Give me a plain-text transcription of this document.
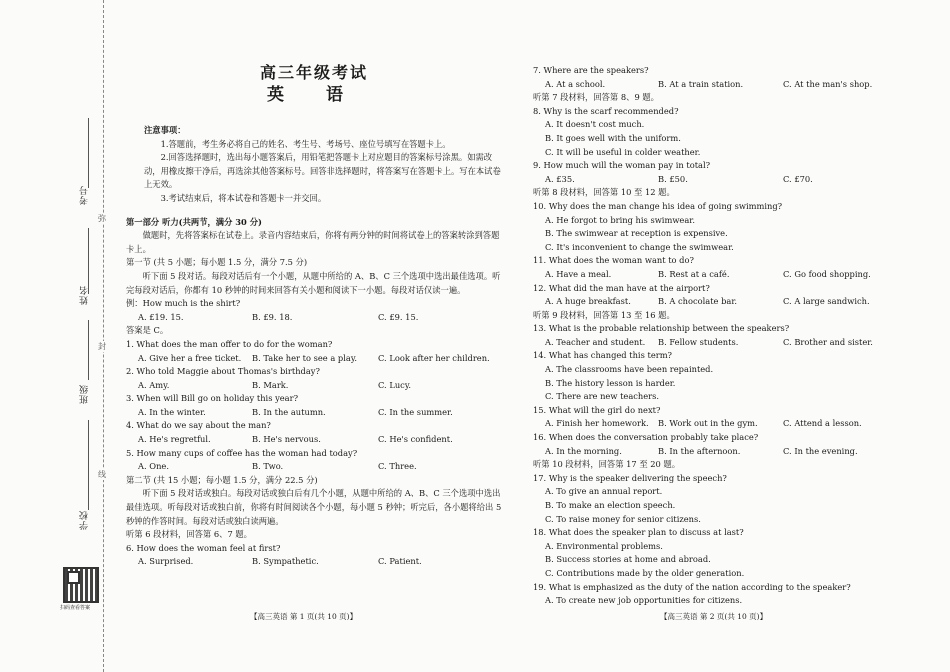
考号
姓名
班级
学校
弥
封
线
扫码查看答案
高三年级考试
英 语
注意事项：
1.答题前，考生务必将自己的姓名、考生号、考场号、座位号填写在答题卡上。
2.回答选择题时，选出每小题答案后，用铅笔把答题卡上对应题目的答案标号涂黑。如需改动，用橡皮擦干净后，再选涂其他答案标号。回答非选择题时，将答案写在答题卡上。写在本试卷上无效。
3.考试结束后，将本试卷和答题卡一并交回。
第一部分 听力(共两节，满分 30 分)
做题时，先将答案标在试卷上。录音内容结束后，你将有两分钟的时间将试卷上的答案转涂到答题卡上。
第一节 (共 5 小题；每小题 1.5 分，满分 7.5 分)
听下面 5 段对话。每段对话后有一个小题，从题中所给的 A、B、C 三个选项中选出最佳选项。听完每段对话后，你都有 10 秒钟的时间来回答有关小题和阅读下一小题。每段对话仅读一遍。
例：How much is the shirt?
A. £19. 15.	B. £9. 18.	C. £9. 15.
答案是 C。
1. What does the man offer to do for the woman?
A. Give her a free ticket.	B. Take her to see a play.	C. Look after her children.
2. Who told Maggie about Thomas's birthday?
A. Amy.	B. Mark.	C. Lucy.
3. When will Bill go on holiday this year?
A. In the winter.	B. In the autumn.	C. In the summer.
4. What do we say about the man?
A. He's regretful.	B. He's nervous.	C. He's confident.
5. How many cups of coffee has the woman had today?
A. One.	B. Two.	C. Three.
第二节 (共 15 小题；每小题 1.5 分，满分 22.5 分)
听下面 5 段对话或独白。每段对话或独白后有几个小题，从题中所给的 A、B、C 三个选项中选出最佳选项。听每段对话或独白前，你将有时间阅读各个小题，每小题 5 秒钟；听完后，各小题将给出 5 秒钟的作答时间。每段对话或独白读两遍。
听第 6 段材料，回答第 6、7 题。
6. How does the woman feel at first?
A. Surprised.	B. Sympathetic.	C. Patient.
7. Where are the speakers?
A. At a school.	B. At a train station.	C. At the man's shop.
听第 7 段材料，回答第 8、9 题。
8. Why is the scarf recommended?
A. It doesn't cost much.
B. It goes well with the uniform.
C. It will be useful in colder weather.
9. How much will the woman pay in total?
A. £35.	B. £50.	C. £70.
听第 8 段材料，回答第 10 至 12 题。
10. Why does the man change his idea of going swimming?
A. He forgot to bring his swimwear.
B. The swimwear at reception is expensive.
C. It's inconvenient to change the swimwear.
11. What does the woman want to do?
A. Have a meal.	B. Rest at a café.	C. Go food shopping.
12. What did the man have at the airport?
A. A huge breakfast.	B. A chocolate bar.	C. A large sandwich.
听第 9 段材料，回答第 13 至 16 题。
13. What is the probable relationship between the speakers?
A. Teacher and student.	B. Fellow students.	C. Brother and sister.
14. What has changed this term?
A. The classrooms have been repainted.
B. The history lesson is harder.
C. There are new teachers.
15. What will the girl do next?
A. Finish her homework.	B. Work out in the gym.	C. Attend a lesson.
16. When does the conversation probably take place?
A. In the morning.	B. In the afternoon.	C. In the evening.
听第 10 段材料，回答第 17 至 20 题。
17. Why is the speaker delivering the speech?
A. To give an annual report.
B. To make an election speech.
C. To raise money for senior citizens.
18. What does the speaker plan to discuss at last?
A. Environmental problems.
B. Success stories at home and abroad.
C. Contributions made by the older generation.
19. What is emphasized as the duty of the nation according to the speaker?
A. To create new job opportunities for citizens.
【高三英语 第 1 页(共 10 页)】	【高三英语 第 2 页(共 10 页)】
